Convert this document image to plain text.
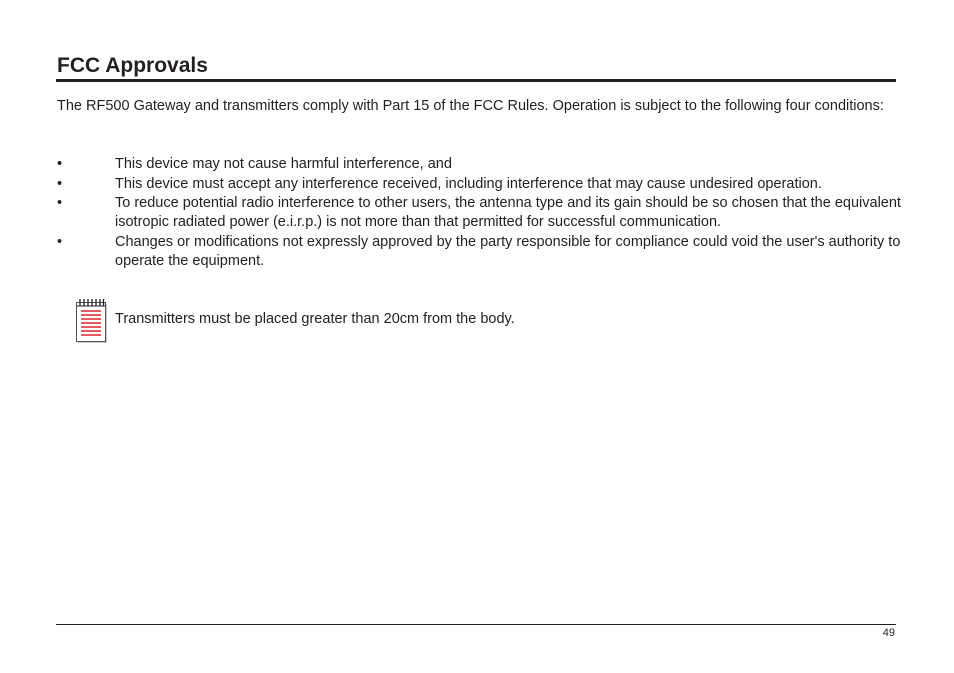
FCC Approvals

The RF500 Gateway and transmitters comply with Part 15 of the FCC Rules. Operation is subject to the following four conditions:

•	This device may not cause harmful interference, and
•	This device must accept any interference received, including interference that may cause undesired operation.
•	To reduce potential radio interference to other users, the antenna type and its gain should be so chosen that the equivalent isotropic radiated power (e.i.r.p.) is not more than that permitted for successful communication.
•	Changes or modifications not expressly approved by the party responsible for compliance could void the user's authority to operate the equipment.
Transmitters must be placed greater than 20cm from the body.
49
